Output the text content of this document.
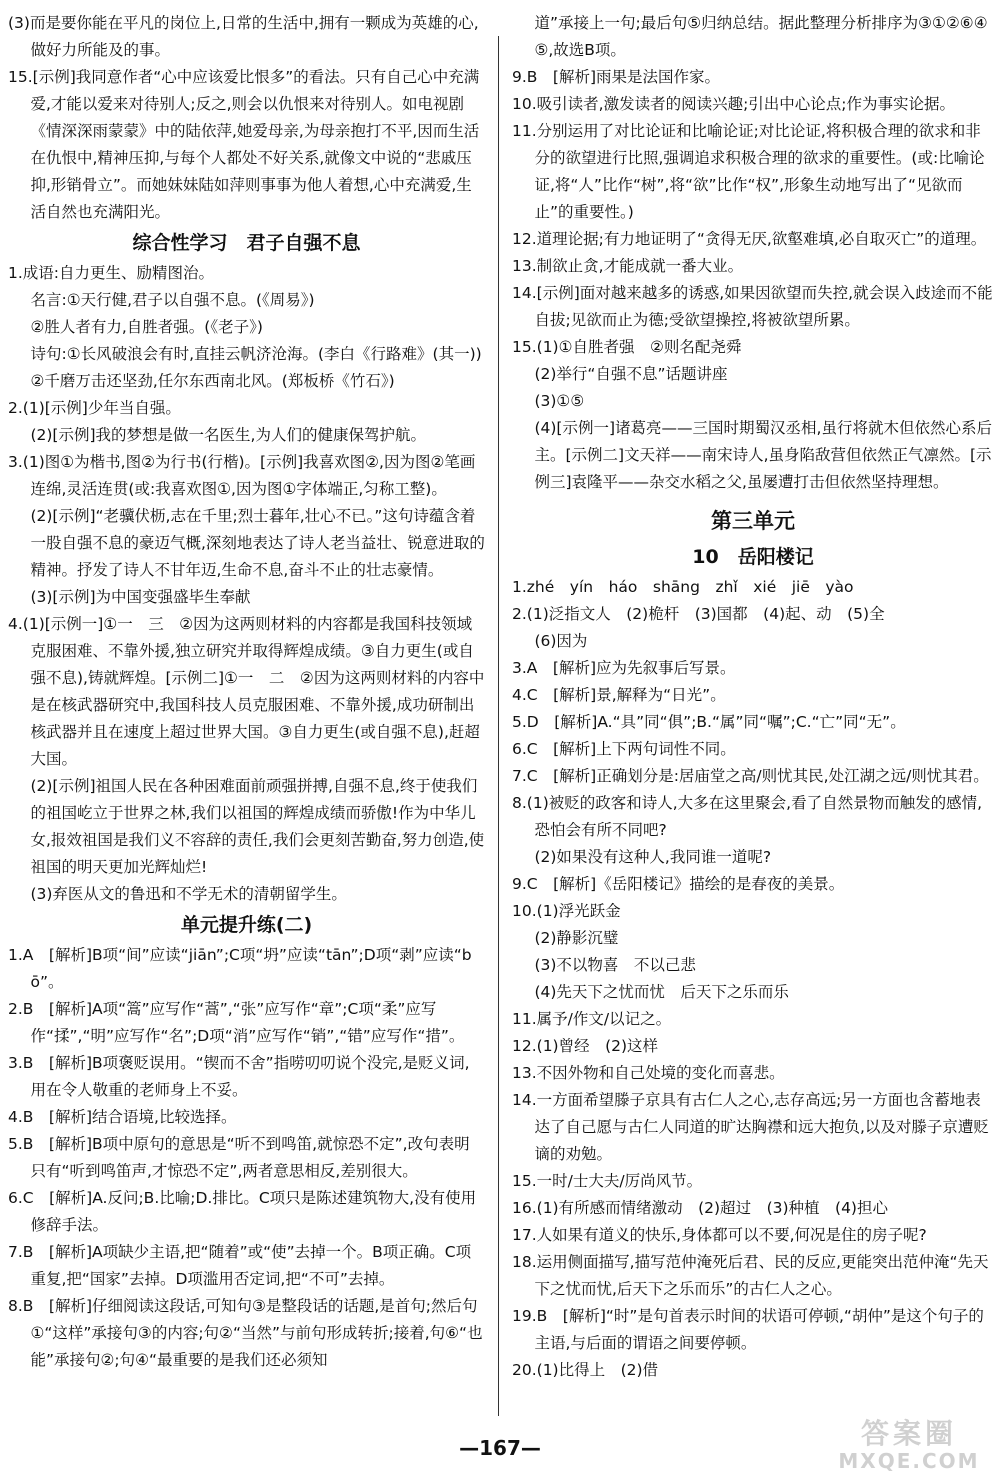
(3)而是要你能在平凡的岗位上,日常的生活中,拥有一颗成为英雄的心,做好力所能及的事。
15.[示例]我同意作者“心中应该爱比恨多”的看法。只有自己心中充满爱,才能以爱来对待别人;反之,则会以仇恨来对待别人。如电视剧《情深深雨蒙蒙》中的陆依萍,她爱母亲,为母亲抱打不平,因而生活在仇恨中,精神压抑,与每个人都处不好关系,就像文中说的“悲戚压抑,形销骨立”。而她妹妹陆如萍则事事为他人着想,心中充满爱,生活自然也充满阳光。
综合性学习　君子自强不息
1.成语:自力更生、励精图治。
名言:①天行健,君子以自强不息。(《周易》)
②胜人者有力,自胜者强。(《老子》)
诗句:①长风破浪会有时,直挂云帆济沧海。(李白《行路难》(其一))
②千磨万击还坚劲,任尔东西南北风。(郑板桥《竹石》)
2.(1)[示例]少年当自强。
(2)[示例]我的梦想是做一名医生,为人们的健康保驾护航。
3.(1)图①为楷书,图②为行书(行楷)。[示例]我喜欢图②,因为图②笔画连绵,灵活连贯(或:我喜欢图①,因为图①字体端正,匀称工整)。
(2)[示例]“老骥伏枥,志在千里;烈士暮年,壮心不已。”这句诗蕴含着一股自强不息的豪迈气概,深刻地表达了诗人老当益壮、锐意进取的精神。抒发了诗人不甘年迈,生命不息,奋斗不止的壮志豪情。
(3)[示例]为中国变强盛毕生奉献
4.(1)[示例一]①一　三　②因为这两则材料的内容都是我国科技领域克服困难、不靠外援,独立研究并取得辉煌成绩。③自力更生(或自强不息),铸就辉煌。[示例二]①一　二　②因为这两则材料的内容中是在核武器研究中,我国科技人员克服困难、不靠外援,成功研制出核武器并且在速度上超过世界大国。③自力更生(或自强不息),赶超大国。
(2)[示例]祖国人民在各种困难面前顽强拼搏,自强不息,终于使我们的祖国屹立于世界之林,我们以祖国的辉煌成绩而骄傲!作为中华儿女,报效祖国是我们义不容辞的责任,我们会更刻苦勤奋,努力创造,使祖国的明天更加光辉灿烂!
(3)弃医从文的鲁迅和不学无术的清朝留学生。
单元提升练(二)
1.A　[解析]B项“间”应读“jiān”;C项“坍”应读“tān”;D项“剥”应读“bō”。
2.B　[解析]A项“篙”应写作“蒿”,“张”应写作“章”;C项“柔”应写作“揉”,“明”应写作“名”;D项“消”应写作“销”,“错”应写作“措”。
3.B　[解析]B项褒贬误用。“锲而不舍”指唠叨叨说个没完,是贬义词,用在令人敬重的老师身上不妥。
4.B　[解析]结合语境,比较选择。
5.B　[解析]B项中原句的意思是“听不到鸣笛,就惊恐不定”,改句表明只有“听到鸣笛声,才惊恐不定”,两者意思相反,差别很大。
6.C　[解析]A.反问;B.比喻;D.排比。C项只是陈述建筑物大,没有使用修辞手法。
7.B　[解析]A项缺少主语,把“随着”或“使”去掉一个。B项正确。C项重复,把“国家”去掉。D项滥用否定词,把“不可”去掉。
8.B　[解析]仔细阅读这段话,可知句③是整段话的话题,是首句;然后句①“这样”承接句③的内容;句②“当然”与前句形成转折;接着,句⑥“也能”承接句②;句④“最重要的是我们还必须知
道”承接上一句;最后句⑤归纳总结。据此整理分析排序为③①②⑥④⑤,故选B项。
9.B　[解析]雨果是法国作家。
10.吸引读者,激发读者的阅读兴趣;引出中心论点;作为事实论据。
11.分别运用了对比论证和比喻论证;对比论证,将积极合理的欲求和非分的欲望进行比照,强调追求积极合理的欲求的重要性。(或:比喻论证,将“人”比作“树”,将“欲”比作“权”,形象生动地写出了“见欲而止”的重要性。)
12.道理论据;有力地证明了“贪得无厌,欲壑难填,必自取灭亡”的道理。
13.制欲止贪,才能成就一番大业。
14.[示例]面对越来越多的诱惑,如果因欲望而失控,就会误入歧途而不能自拔;见欲而止为德;受欲望操控,将被欲望所累。
15.(1)①自胜者强　②则名配尧舜
(2)举行“自强不息”话题讲座
(3)①⑤
(4)[示例一]诸葛亮——三国时期蜀汉丞相,虽行将就木但依然心系后主。[示例二]文天祥——南宋诗人,虽身陷敌营但依然正气凛然。[示例三]袁隆平——杂交水稻之父,虽屡遭打击但依然坚持理想。
第三单元
10　岳阳楼记
1.zhé　yín　háo　shāng　zhǐ　xié　jiē　yào
2.(1)泛指文人　(2)桅杆　(3)国都　(4)起、动　(5)全
(6)因为
3.A　[解析]应为先叙事后写景。
4.C　[解析]景,解释为“日光”。
5.D　[解析]A.“具”同“俱”;B.“属”同“嘱”;C.“亡”同“无”。
6.C　[解析]上下两句词性不同。
7.C　[解析]正确划分是:居庙堂之高/则忧其民,处江湖之远/则忧其君。
8.(1)被贬的政客和诗人,大多在这里聚会,看了自然景物而触发的感情,恐怕会有所不同吧?
(2)如果没有这种人,我同谁一道呢?
9.C　[解析]《岳阳楼记》描绘的是春夜的美景。
10.(1)浮光跃金
(2)静影沉璧
(3)不以物喜　不以己悲
(4)先天下之忧而忧　后天下之乐而乐
11.属予/作文/以记之。
12.(1)曾经　(2)这样
13.不因外物和自己处境的变化而喜悲。
14.一方面希望滕子京具有古仁人之心,志存高远;另一方面也含蓄地表达了自己愿与古仁人同道的旷达胸襟和远大抱负,以及对滕子京遭贬谪的劝勉。
15.一时/士大夫/厉尚风节。
16.(1)有所感而情绪激动　(2)超过　(3)种植　(4)担心
17.人如果有道义的快乐,身体都可以不要,何况是住的房子呢?
18.运用侧面描写,描写范仲淹死后君、民的反应,更能突出范仲淹“先天下之忧而忧,后天下之乐而乐”的古仁人之心。
19.B　[解析]“时”是句首表示时间的状语可停顿,“胡仲”是这个句子的主语,与后面的谓语之间要停顿。
20.(1)比得上　(2)借
—167—	答案圈
MXQE.COM
